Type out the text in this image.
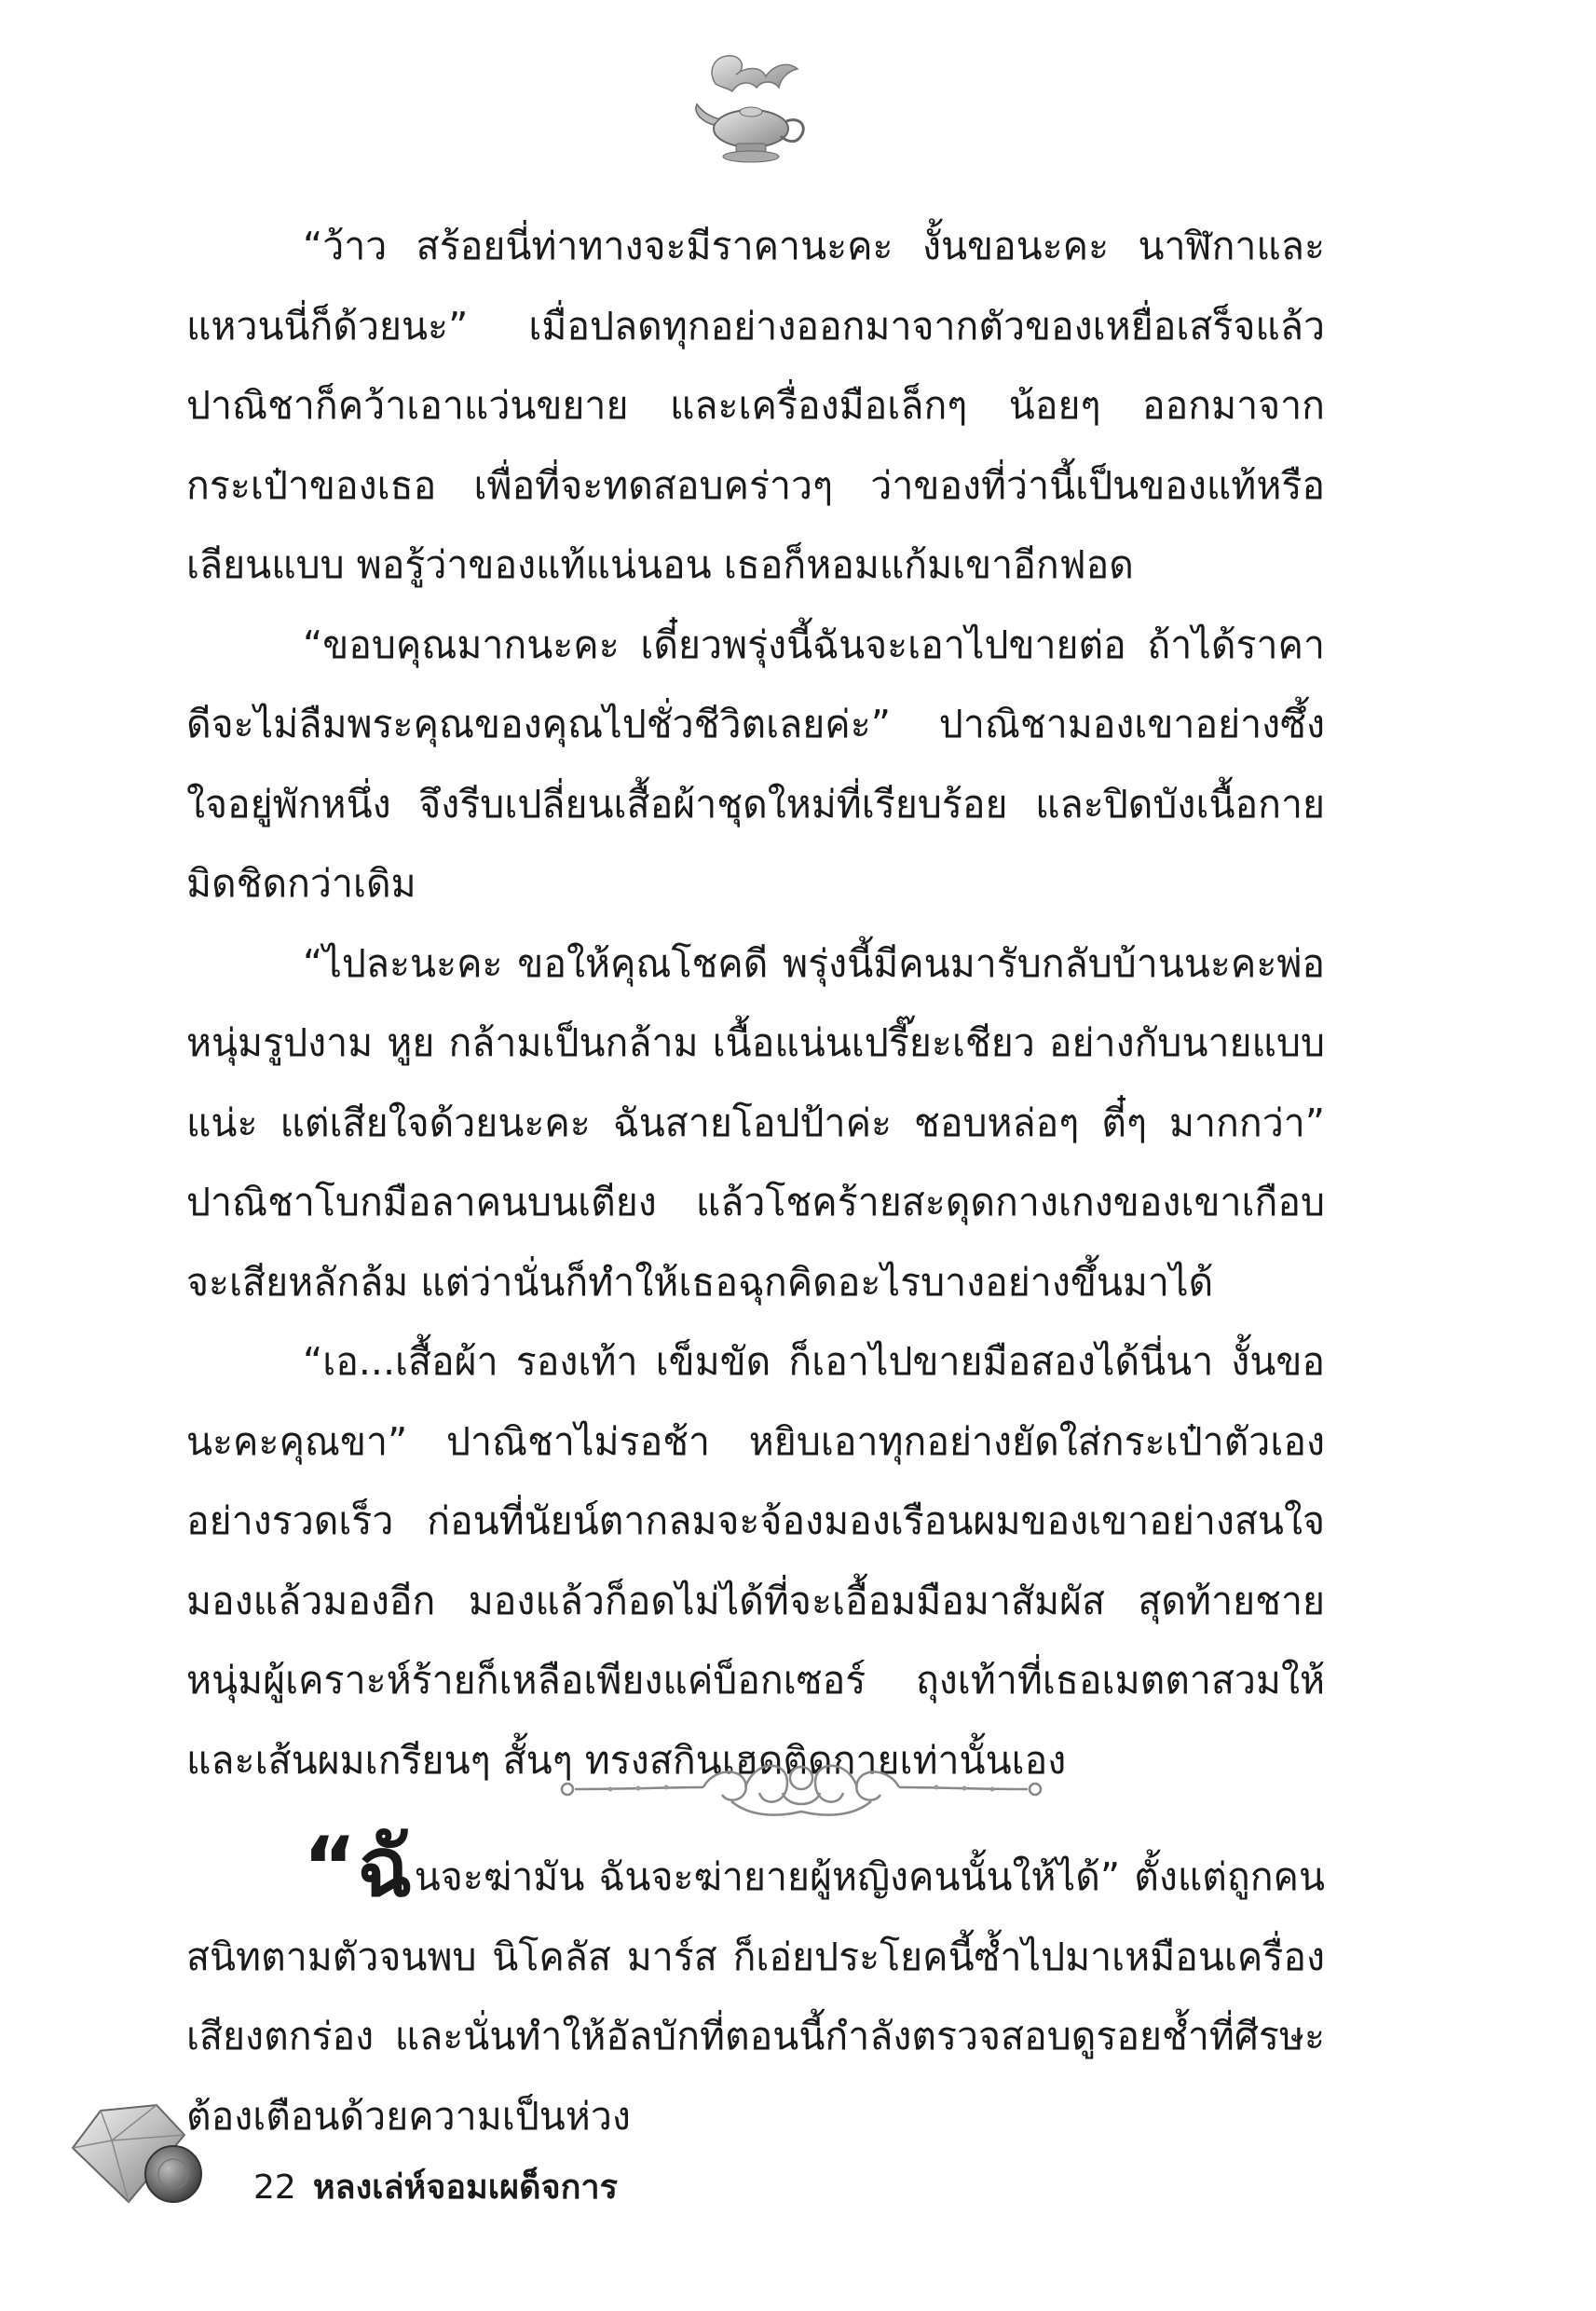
“ว้าว สร้อยนี่ท่าทางจะมีราคานะคะ งั้นขอนะคะ นาฬิกาและแหวนนี่ก็ด้วยนะ” เมื่อปลดทุกอย่างออกมาจากตัวของเหยื่อเสร็จแล้ว ปาณิชาก็คว้าเอาแว่นขยาย และเครื่องมือเล็กๆ น้อยๆ ออกมาจากกระเป๋าของเธอ เพื่อที่จะทดสอบคร่าวๆ ว่าของที่ว่านี้เป็นของแท้หรือเลียนแบบ พอรู้ว่าของแท้แน่นอน เธอก็หอมแก้มเขาอีกฟอด

“ขอบคุณมากนะคะ เดี๋ยวพรุ่งนี้ฉันจะเอาไปขายต่อ ถ้าได้ราคาดีจะไม่ลืมพระคุณของคุณไปชั่วชีวิตเลยค่ะ” ปาณิชามองเขาอย่างซึ้งใจอยู่พักหนึ่ง จึงรีบเปลี่ยนเสื้อผ้าชุดใหม่ที่เรียบร้อย และปิดบังเนื้อกายมิดชิดกว่าเดิม

“ไปละนะคะ ขอให้คุณโชคดี พรุ่งนี้มีคนมารับกลับบ้านนะคะพ่อหนุ่มรูปงาม หูย กล้ามเป็นกล้าม เนื้อแน่นเปรี๊ยะเชียว อย่างกับนายแบบแน่ะ แต่เสียใจด้วยนะคะ ฉันสายโอปป้าค่ะ ชอบหล่อๆ ตี๋ๆ มากกว่า” ปาณิชาโบกมือลาคนบนเตียง แล้วโชคร้ายสะดุดกางเกงของเขาเกือบจะเสียหลักล้ม แต่ว่านั่นก็ทำให้เธอฉุกคิดอะไรบางอย่างขึ้นมาได้

“เอ...เสื้อผ้า รองเท้า เข็มขัด ก็เอาไปขายมือสองได้นี่นา งั้นขอนะคะคุณขา” ปาณิชาไม่รอช้า หยิบเอาทุกอย่างยัดใส่กระเป๋าตัวเองอย่างรวดเร็ว ก่อนที่นัยน์ตากลมจะจ้องมองเรือนผมของเขาอย่างสนใจ มองแล้วมองอีก มองแล้วก็อดไม่ได้ที่จะเอื้อมมือมาสัมผัส สุดท้ายชายหนุ่มผู้เคราะห์ร้ายก็เหลือเพียงแค่บ็อกเซอร์ ถุงเท้าที่เธอเมตตาสวมให้ และเส้นผมเกรียนๆ สั้นๆ ทรงสกินเฮดติดกายเท่านั้นเอง

“ฉันจะฆ่ามัน ฉันจะฆ่ายายผู้หญิงคนนั้นให้ได้” ตั้งแต่ถูกคนสนิทตามตัวจนพบ นิโคลัส มาร์ส ก็เอ่ยประโยคนี้ซ้ำไปมาเหมือนเครื่องเสียงตกร่อง และนั่นทำให้อัลบักที่ตอนนี้กำลังตรวจสอบดูรอยช้ำที่ศีรษะต้องเตือนด้วยความเป็นห่วง

22 หลงเล่ห์จอมเผด็จการ
